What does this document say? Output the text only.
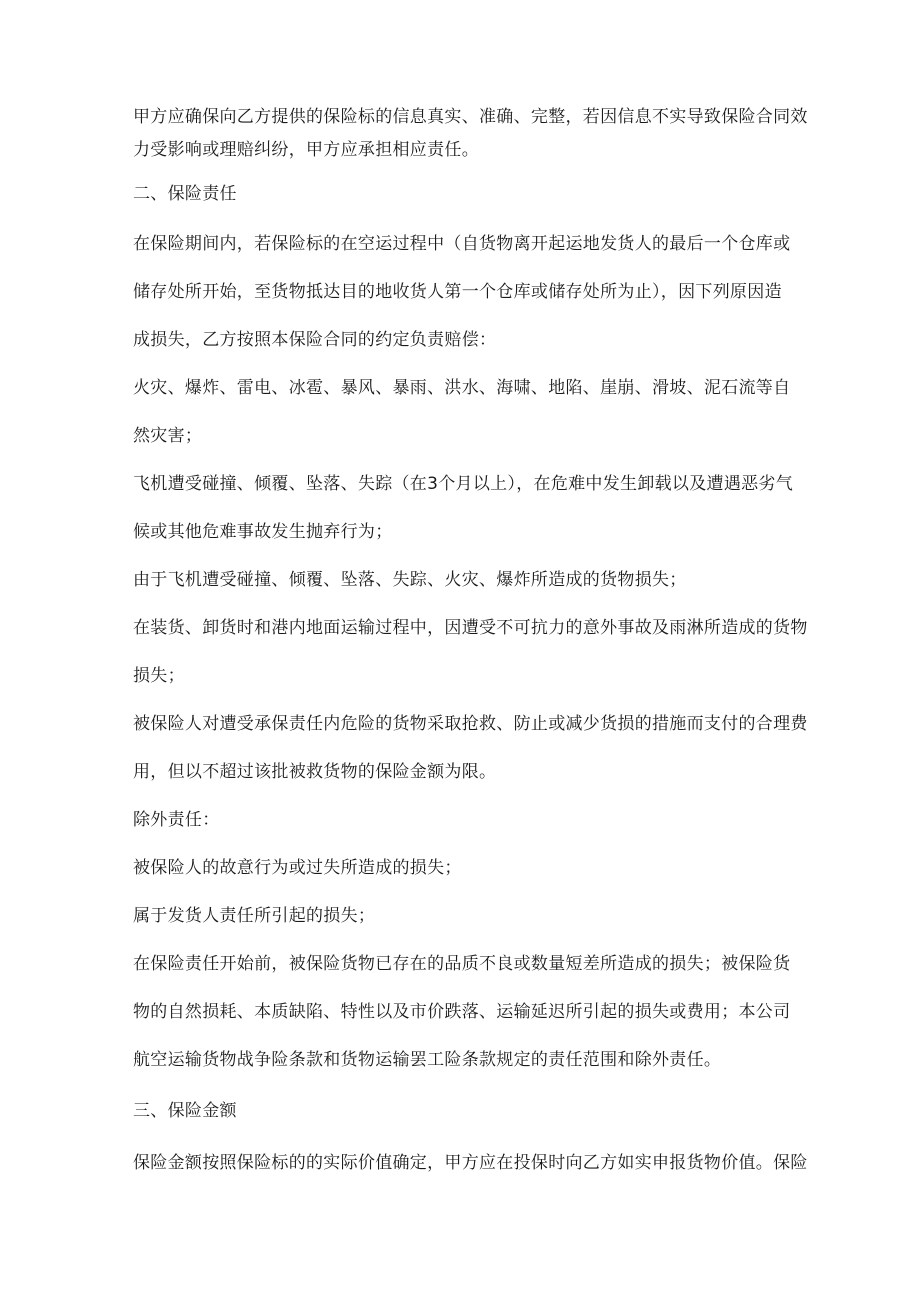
甲方应确保向乙方提供的保险标的信息真实、准确、完整，若因信息不实导致保险合同效
力受影响或理赔纠纷，甲方应承担相应责任。
二、保险责任
在保险期间内，若保险标的在空运过程中（自货物离开起运地发货人的最后一个仓库或
储存处所开始，至货物抵达目的地收货人第一个仓库或储存处所为止），因下列原因造
成损失，乙方按照本保险合同的约定负责赔偿：
火灾、爆炸、雷电、冰雹、暴风、暴雨、洪水、海啸、地陷、崖崩、滑坡、泥石流等自
然灾害；
飞机遭受碰撞、倾覆、坠落、失踪（在3个月以上），在危难中发生卸载以及遭遇恶劣气
候或其他危难事故发生抛弃行为；
由于飞机遭受碰撞、倾覆、坠落、失踪、火灾、爆炸所造成的货物损失；
在装货、卸货时和港内地面运输过程中，因遭受不可抗力的意外事故及雨淋所造成的货物
损失；
被保险人对遭受承保责任内危险的货物采取抢救、防止或减少货损的措施而支付的合理费
用，但以不超过该批被救货物的保险金额为限。
除外责任：
被保险人的故意行为或过失所造成的损失；
属于发货人责任所引起的损失；
在保险责任开始前，被保险货物已存在的品质不良或数量短差所造成的损失；被保险货
物的自然损耗、本质缺陷、特性以及市价跌落、运输延迟所引起的损失或费用；本公司
航空运输货物战争险条款和货物运输罢工险条款规定的责任范围和除外责任。
三、保险金额
保险金额按照保险标的的实际价值确定，甲方应在投保时向乙方如实申报货物价值。保险
